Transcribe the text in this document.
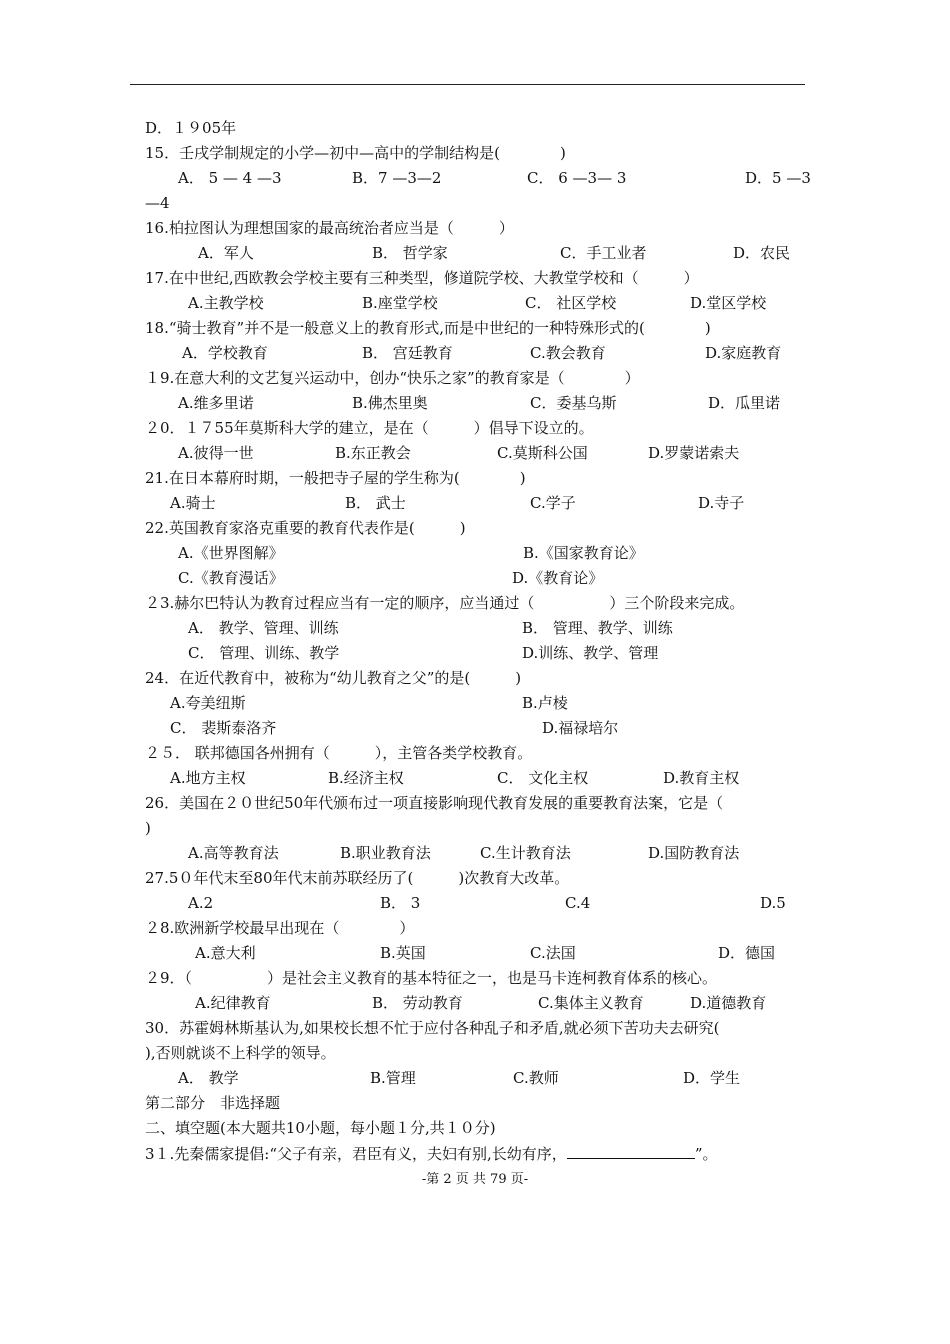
D．１９05年
15．壬戌学制规定的小学—初中—高中的学制结构是(　　　　)
A． 5 — 4 —3	B．7 —3—2	C． 6 —3— 3	D．5 —3
—4
16.柏拉图认为理想国家的最高统治者应当是（　　　）
A．军人	B． 哲学家	C．手工业者	D．农民
17.在中世纪,西欧教会学校主要有三种类型，修道院学校、大教堂学校和（　　　）
A.主教学校	B.座堂学校	C． 社区学校	D.堂区学校
18.“骑士教育”并不是一般意义上的教育形式,而是中世纪的一种特殊形式的(　　　　)
A．学校教育	B． 宫廷教育	C.教会教育	D.家庭教育
１9.在意大利的文艺复兴运动中，创办“快乐之家”的教育家是（　　　　）
A.维多里诺	B.佛杰里奥	C．委基乌斯	D．瓜里诺
２0．１７55年莫斯科大学的建立，是在（　　　）倡导下设立的。
A.彼得一世	B.东正教会	C.莫斯科公国	D.罗蒙诺索夫
21.在日本幕府时期，一般把寺子屋的学生称为(　　　　)
A.骑士	B． 武士	C.学子	D.寺子
22.英国教育家洛克重要的教育代表作是(　　　)
A.《世界图解》	B.《国家教育论》
C.《教育漫话》	D.《教育论》
２3.赫尔巴特认为教育过程应当有一定的顺序，应当通过（　　　　　）三个阶段来完成。
A． 教学、管理、训练	B． 管理、教学、训练
C． 管理、训练、教学	D.训练、教学、管理
24．在近代教育中，被称为“幼儿教育之父”的是(　　　)
A.夸美纽斯	B.卢棱
C． 裴斯泰洛齐	D.福禄培尔
２５． 联邦德国各州拥有（　　　），主管各类学校教育。
A.地方主权	B.经济主权	C． 文化主权	D.教育主权
26．美国在２０世纪50年代颁布过一项直接影响现代教育发展的重要教育法案，它是（
)
A.高等教育法	B.职业教育法	C.生计教育法	D.国防教育法
27.5０年代末至80年代末前苏联经历了(　　　)次教育大改革。
A.2	B． 3	C.4	D.5
２8.欧洲新学校最早出现在（　　　　）
A.意大利	B.英国	C.法国	D．德国
２9．（　　　　　）是社会主义教育的基本特征之一，也是马卡连柯教育体系的核心。
A.纪律教育	B． 劳动教育	C.集体主义教育	D.道德教育
30．苏霍姆林斯基认为,如果校长想不忙于应付各种乱子和矛盾,就必须下苦功夫去研究(
),否则就谈不上科学的领导。
A． 教学	B.管理	C.教师	D．学生
第二部分　非选择题
二、填空题(本大题共10小题，每小题１分,共１０分)
3１.先秦儒家提倡:“父子有亲，君臣有义，夫妇有别,长幼有序，	”。
-第 2 页 共 79 页-
